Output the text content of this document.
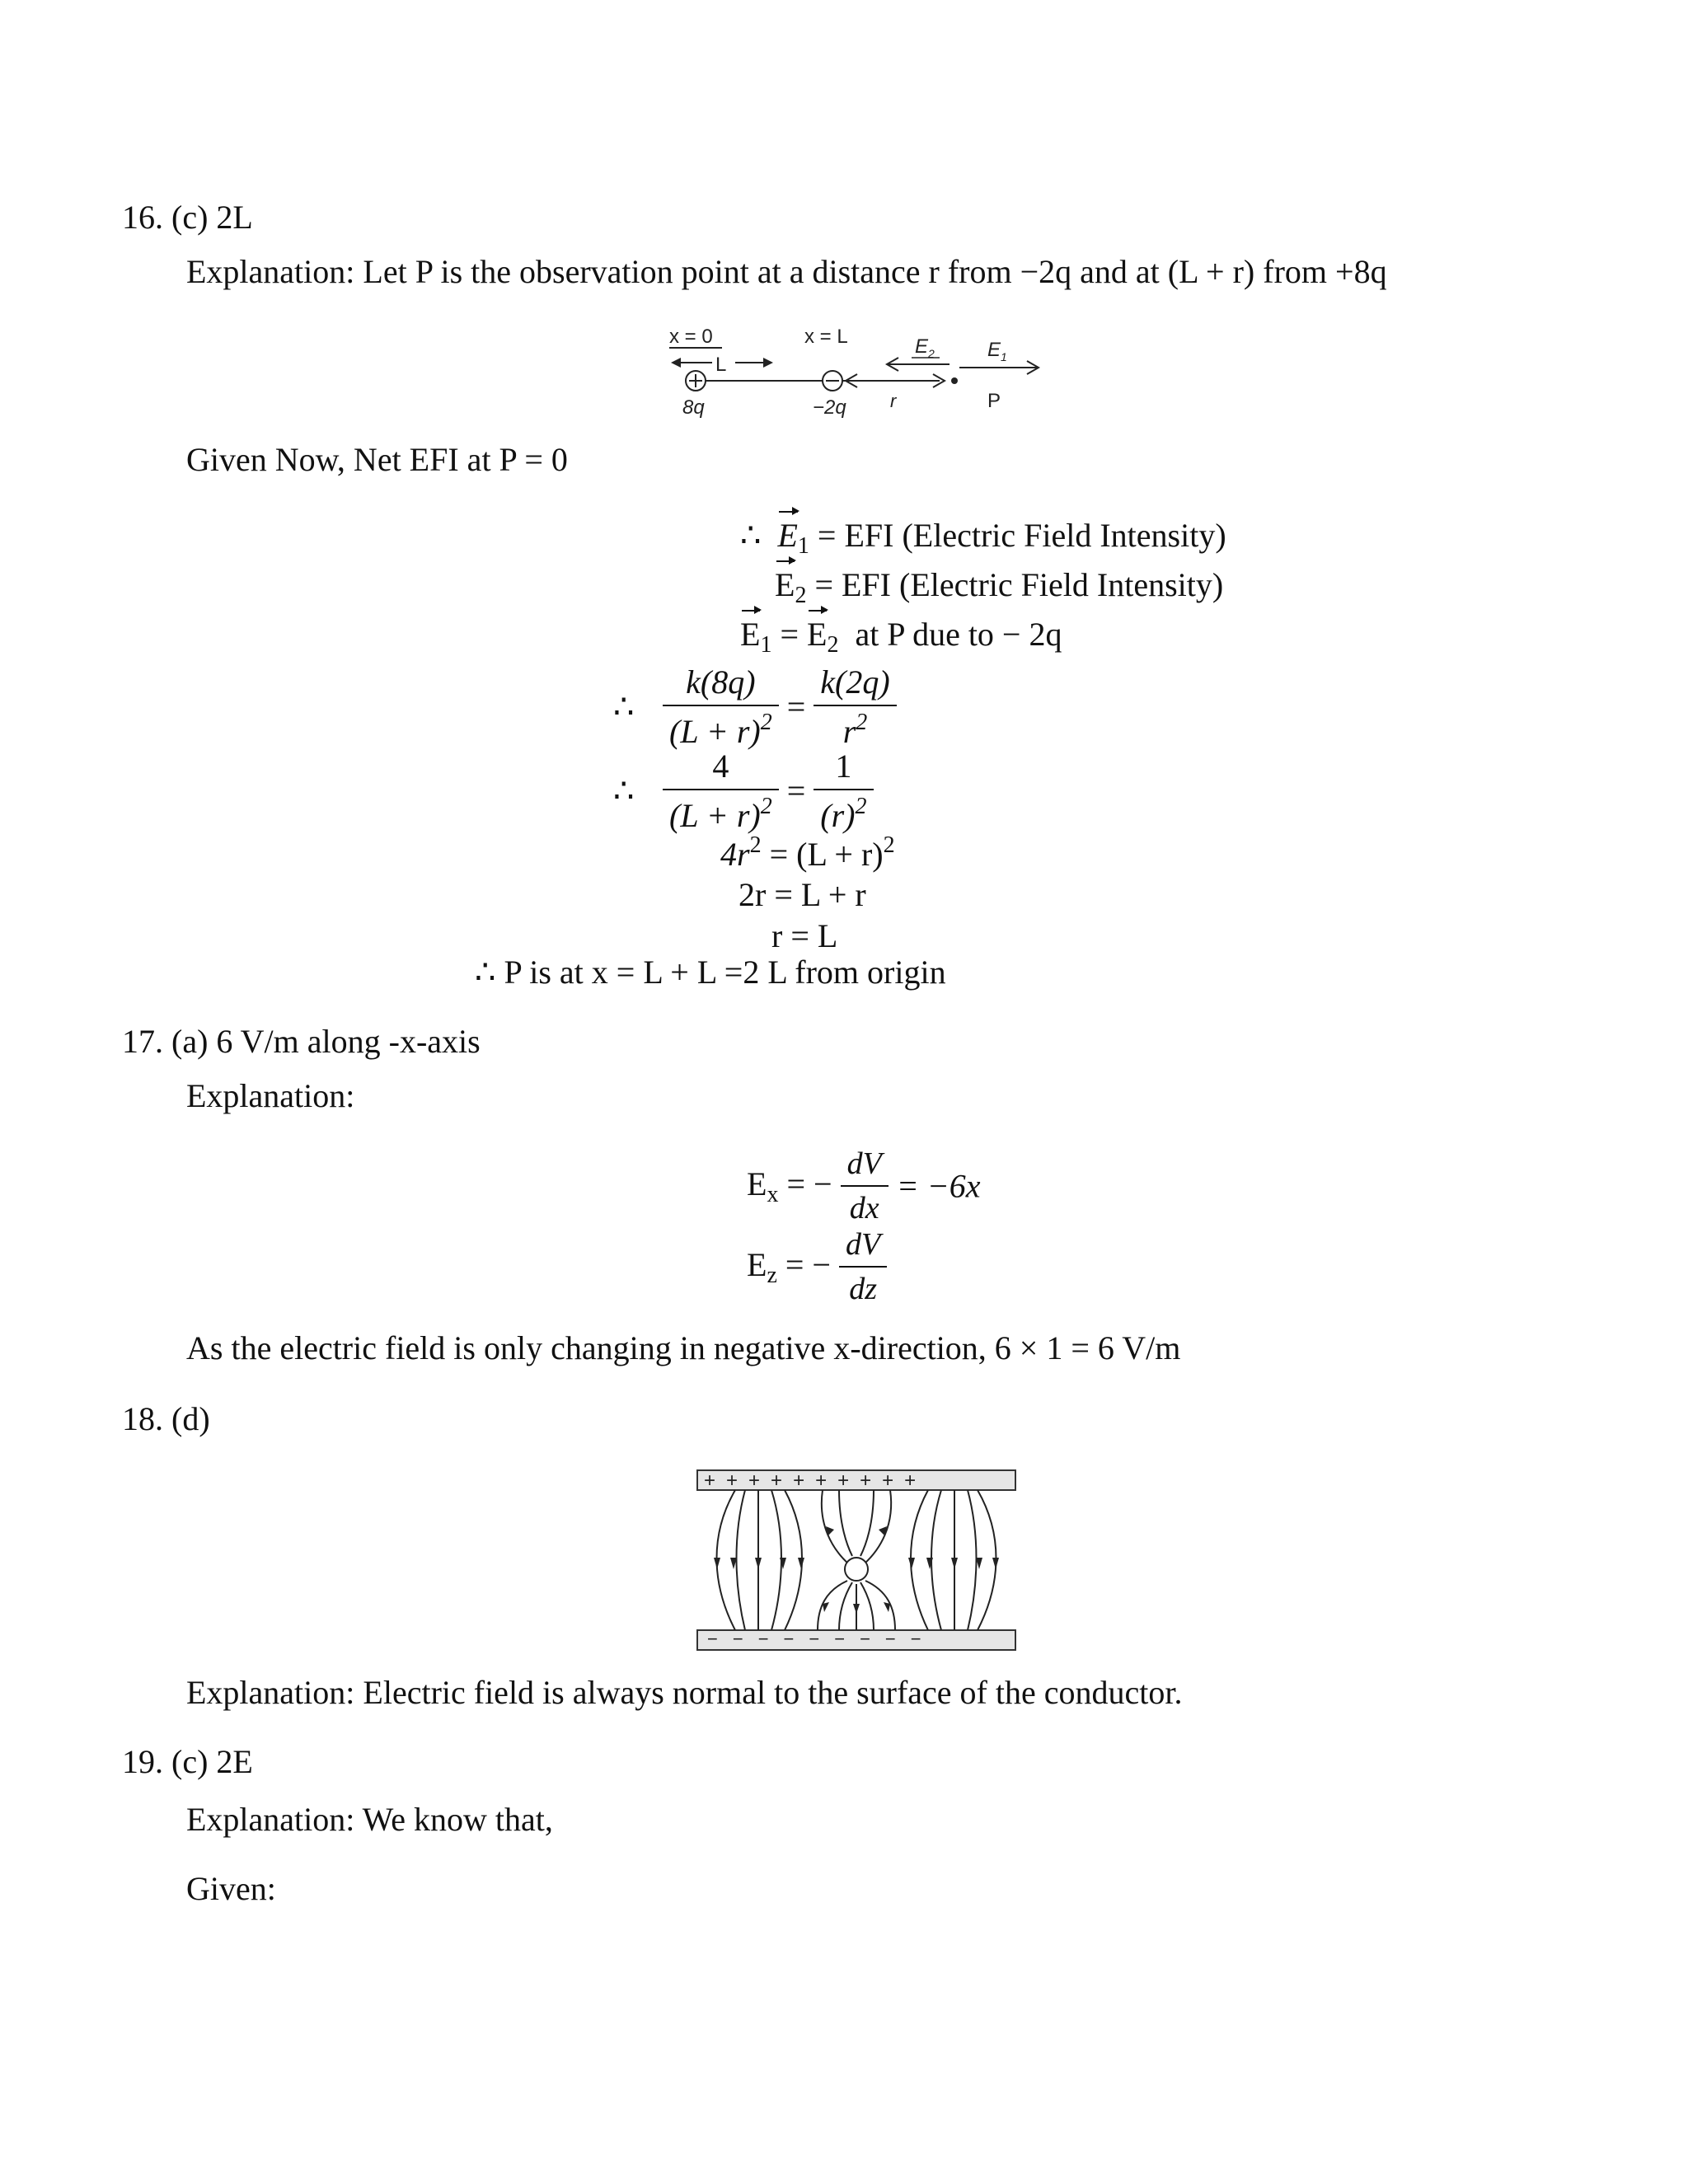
16. (c) 2L
Explanation: Let P is the observation point at a distance r from −2q and at (L + r) from +8q
x = 0	x = L
L
8q	−2q r	P
$E_2$	$E_1$
Given Now, Net EFI at P = 0
∴ $E_1$ = EFI (Electric Field Intensity)
$E_2$ = EFI (Electric Field Intensity)
$E_1 = E_2$ at P due to − 2q
∴ $\frac{k(8q)}{(L + r)^2} = \frac{k(2q)}{r^2}$
∴ $\frac{4}{(L + r)^2} = \frac{1}{(r)^2}$
$4r^2 = (L + r)^2$
2r = L + r
r = L
∴ P is at x = L + L =2 L from origin
17. (a) 6 V/m along -x-axis
Explanation:
$E_x$ = − $\frac{dV}{dx} = -6x$
$E_z$ = − $\frac{dV}{dz}$
As the electric field is only changing in negative x-direction, 6 × 1 = 6 V/m
18. (d)
++++++++++
−−−−−−−−−
Explanation: Electric field is always normal to the surface of the conductor.
19. (c) 2E
Explanation: We know that,
Given:
